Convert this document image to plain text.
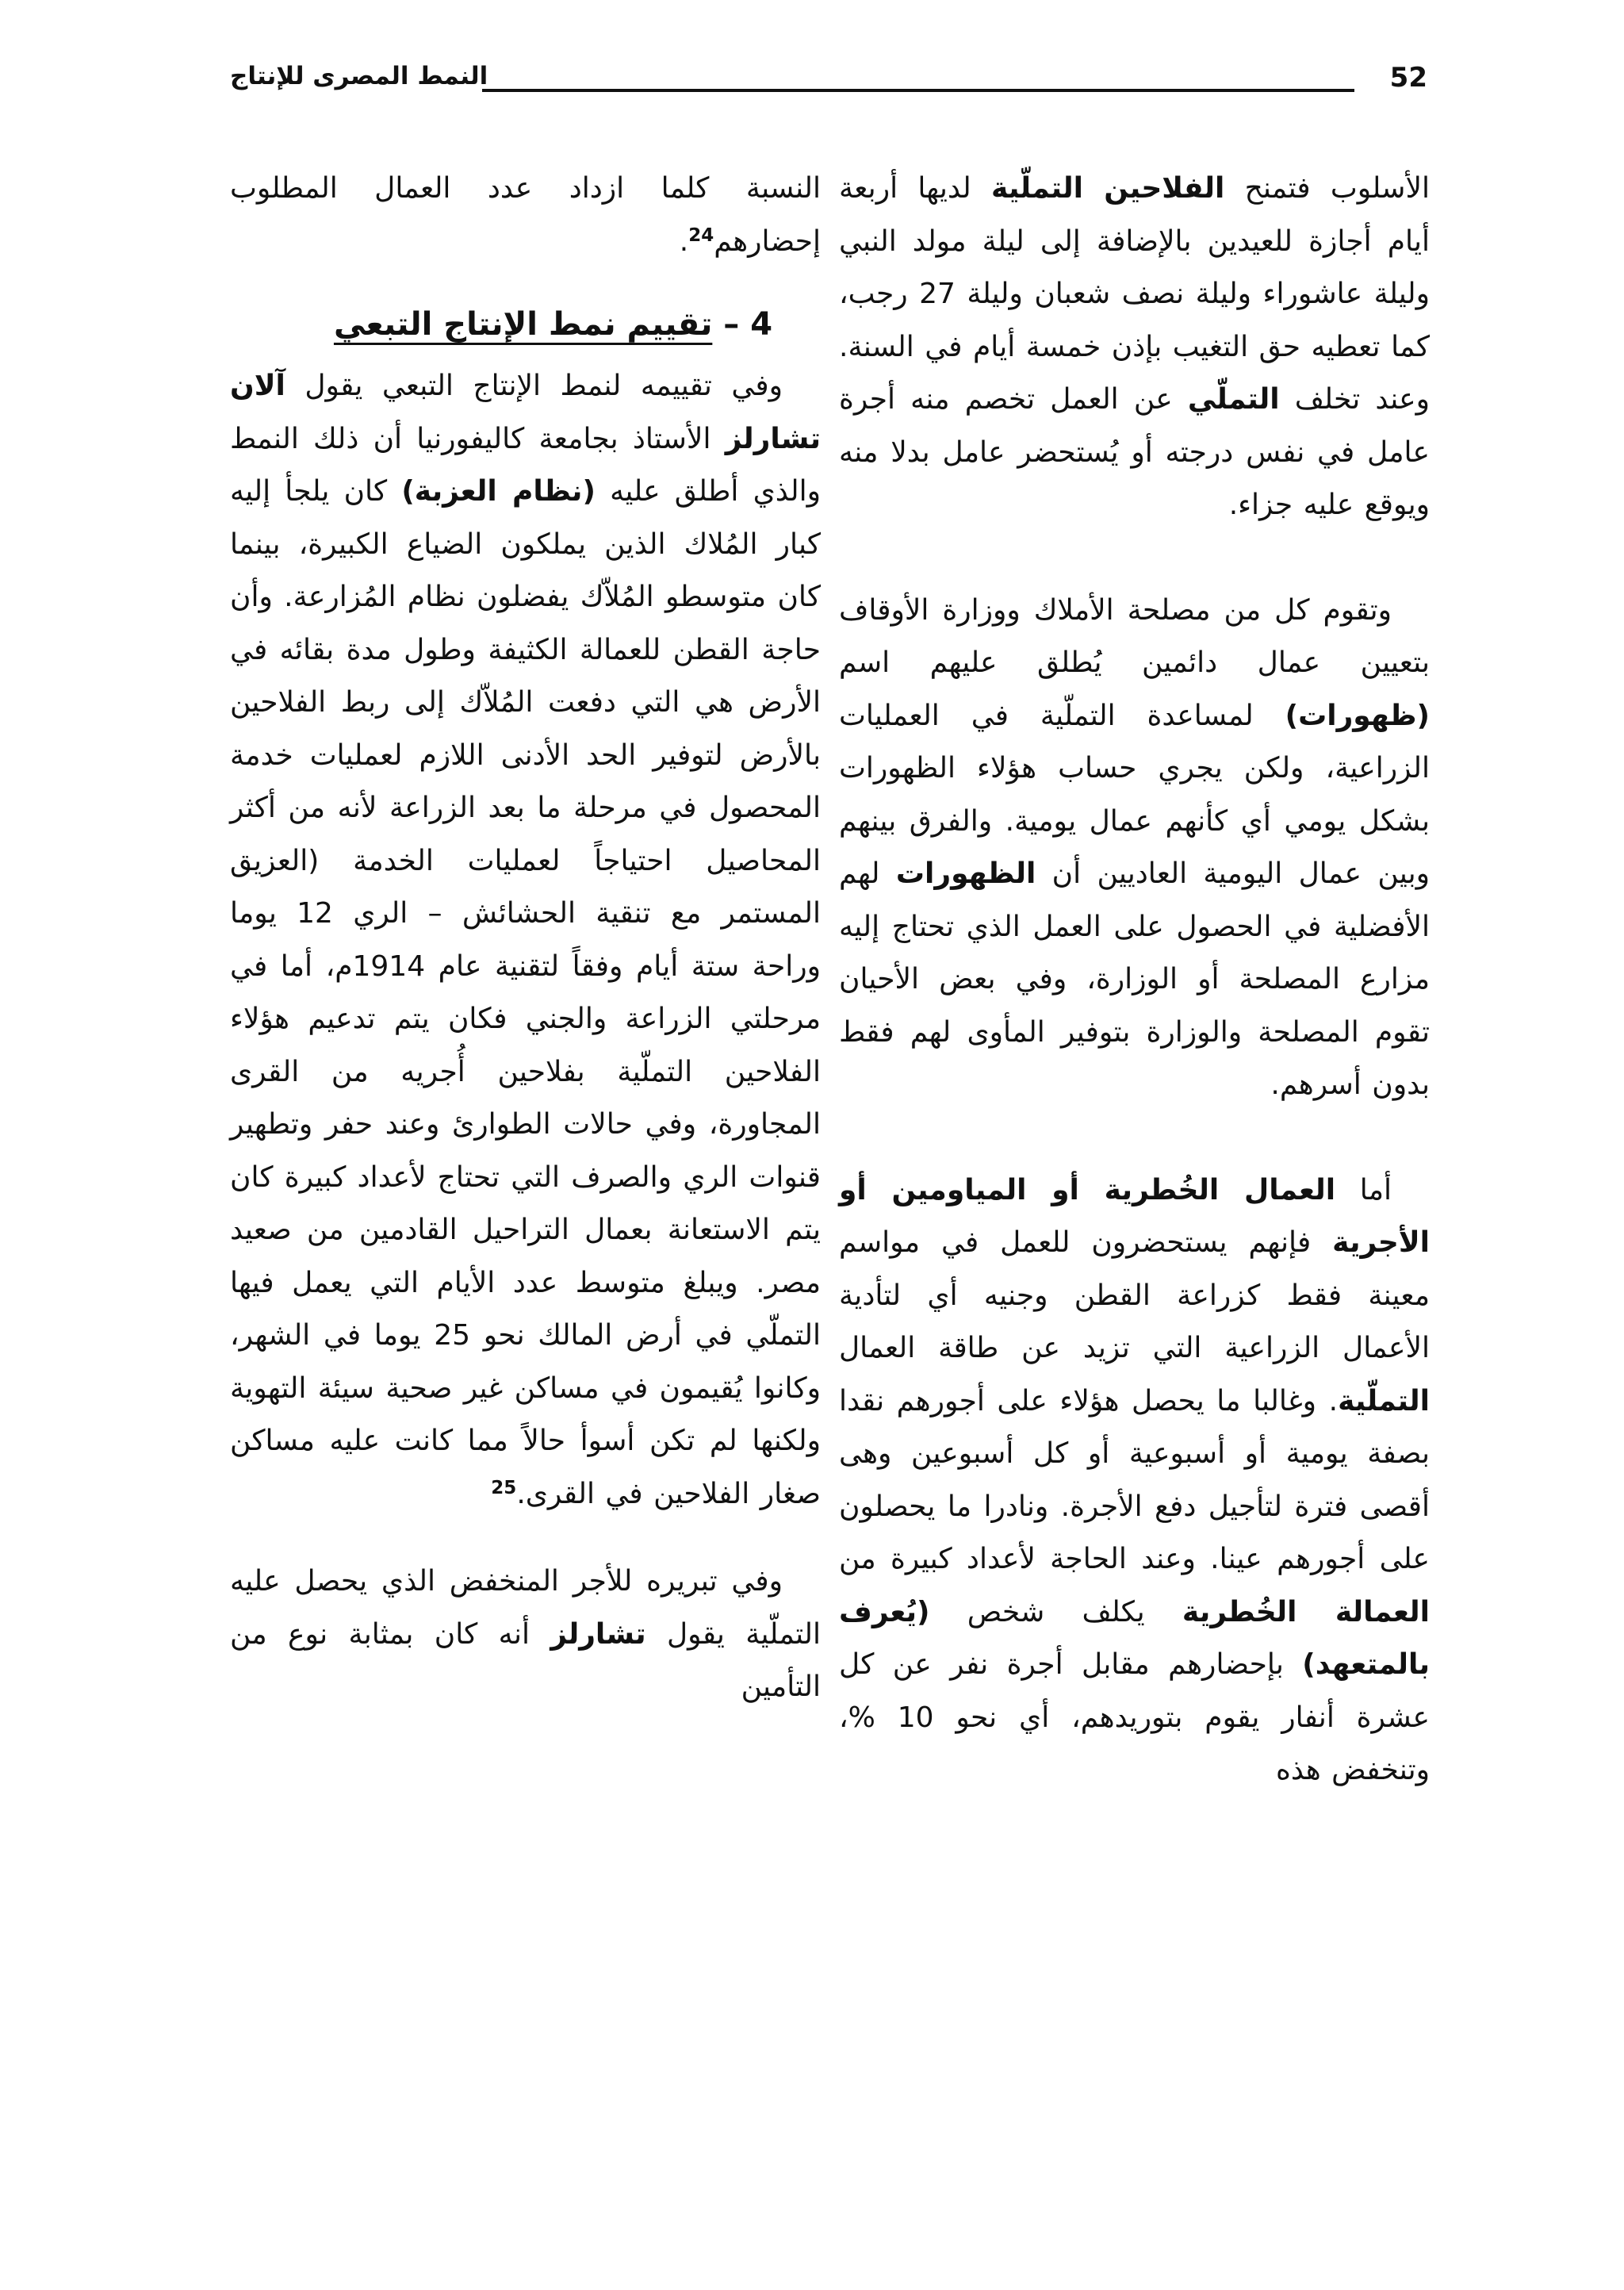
52
النمط المصرى للإنتاج

الأسلوب فتمنح الفلاحين التملّية لديها أربعة أيام أجازة للعيدين بالإضافة إلى ليلة مولد النبي وليلة عاشوراء وليلة نصف شعبان وليلة 27 رجب، كما تعطيه حق التغيب بإذن خمسة أيام في السنة. وعند تخلف التملّي عن العمل تخصم منه أجرة عامل في نفس درجته أو يُستحضر عامل بدلا منه ويوقع عليه جزاء.

وتقوم كل من مصلحة الأملاك ووزارة الأوقاف بتعيين عمال دائمين يُطلق عليهم اسم (ظهورات) لمساعدة التملّية في العمليات الزراعية، ولكن يجري حساب هؤلاء الظهورات بشكل يومي أي كأنهم عمال يومية. والفرق بينهم وبين عمال اليومية العاديين أن الظهورات لهم الأفضلية في الحصول على العمل الذي تحتاج إليه مزارع المصلحة أو الوزارة، وفي بعض الأحيان تقوم المصلحة والوزارة بتوفير المأوى لهم فقط بدون أسرهم.

أما العمال الخُطرية أو المياومين أو الأجرية فإنهم يستحضرون للعمل في مواسم معينة فقط كزراعة القطن وجنيه أي لتأدية الأعمال الزراعية التي تزيد عن طاقة العمال التملّية. وغالبا ما يحصل هؤلاء على أجورهم نقدا بصفة يومية أو أسبوعية أو كل أسبوعين وهى أقصى فترة لتأجيل دفع الأجرة. ونادرا ما يحصلون على أجورهم عينا. وعند الحاجة لأعداد كبيرة من العمالة الخُطرية يكلف شخص (يُعرف بالمتعهد) بإحضارهم مقابل أجرة نفر عن كل عشرة أنفار يقوم بتوريدهم، أي نحو 10 %، وتنخفض هذه

النسبة كلما ازداد عدد العمال المطلوب إحضارهم$^{24}$.

4 – تقييم نمط الإنتاج التبعي

وفي تقييمه لنمط الإنتاج التبعي يقول آلان تشارلز الأستاذ بجامعة كاليفورنيا أن ذلك النمط والذي أطلق عليه (نظام العزبة) كان يلجأ إليه كبار المُلاك الذين يملكون الضياع الكبيرة، بينما كان متوسطو المُلاّك يفضلون نظام المُزارعة. وأن حاجة القطن للعمالة الكثيفة وطول مدة بقائه في الأرض هي التي دفعت المُلاّك إلى ربط الفلاحين بالأرض لتوفير الحد الأدنى اللازم لعمليات خدمة المحصول في مرحلة ما بعد الزراعة لأنه من أكثر المحاصيل احتياجاً لعمليات الخدمة (العزيق المستمر مع تنقية الحشائش – الري 12 يوما وراحة ستة أيام وفقاً لتقنية عام 1914م، أما في مرحلتي الزراعة والجني فكان يتم تدعيم هؤلاء الفلاحين التملّية بفلاحين أُجريه من القرى المجاورة، وفي حالات الطوارئ وعند حفر وتطهير قنوات الري والصرف التي تحتاج لأعداد كبيرة كان يتم الاستعانة بعمال التراحيل القادمين من صعيد مصر. ويبلغ متوسط عدد الأيام التي يعمل فيها التملّي في أرض المالك نحو 25 يوما في الشهر، وكانوا يُقيمون في مساكن غير صحية سيئة التهوية ولكنها لم تكن أسوأ حالاً مما كانت عليه مساكن صغار الفلاحين في القرى.$^{25}$

وفي تبريره للأجر المنخفض الذي يحصل عليه التملّية يقول تشارلز أنه كان بمثابة نوع من التأمين
